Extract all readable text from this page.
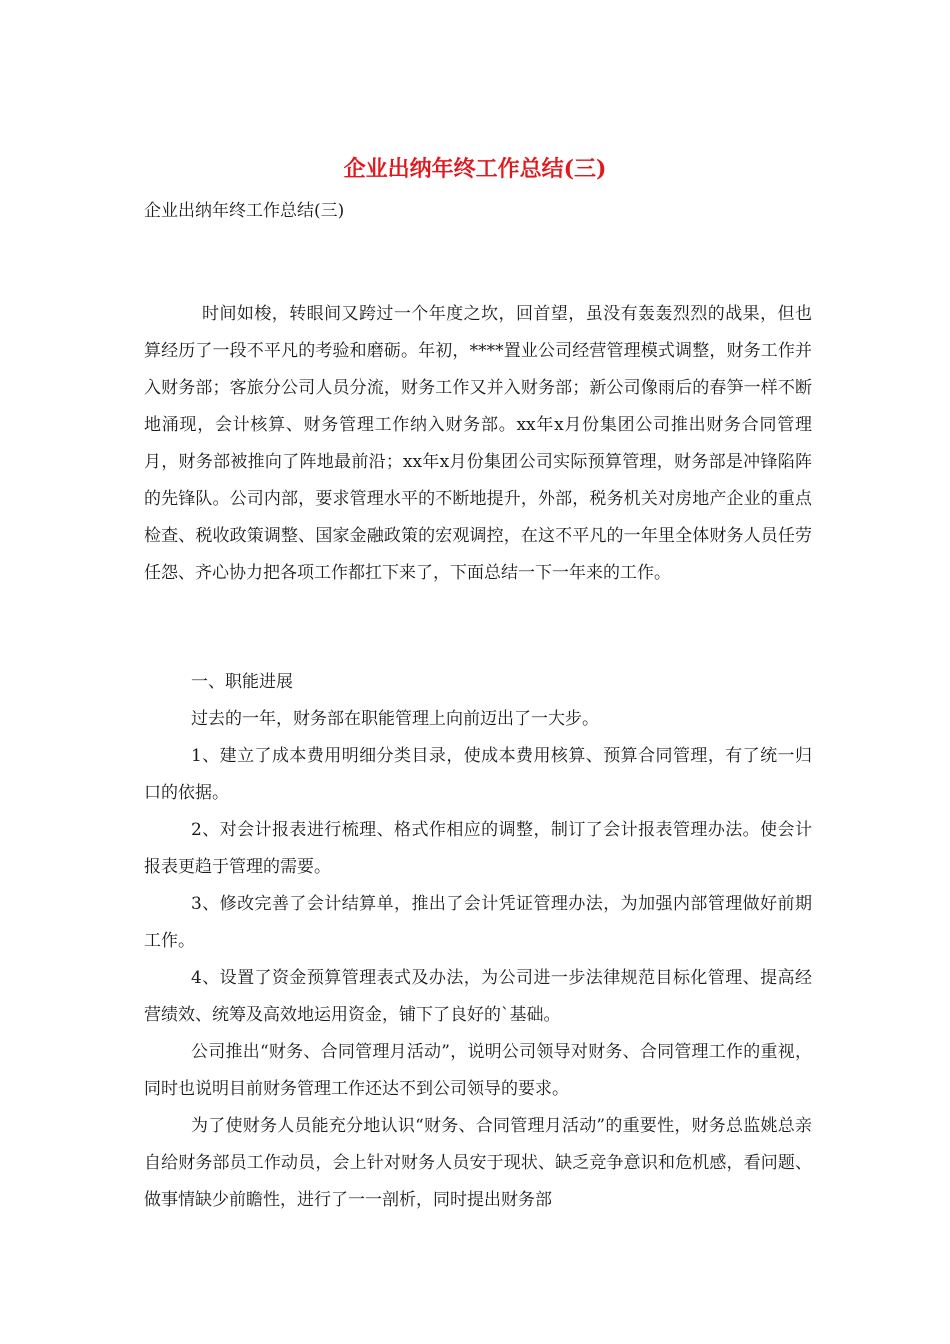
企业出纳年终工作总结(三)

企业出纳年终工作总结(三)

时间如梭，转眼间又跨过一个年度之坎，回首望，虽没有轰轰烈烈的战果，但也算经历了一段不平凡的考验和磨砺。年初，****置业公司经营管理模式调整，财务工作并入财务部；客旅分公司人员分流，财务工作又并入财务部；新公司像雨后的春笋一样不断地涌现，会计核算、财务管理工作纳入财务部。xx年x月份集团公司推出财务合同管理月，财务部被推向了阵地最前沿；xx年x月份集团公司实际预算管理，财务部是冲锋陷阵的先锋队。公司内部，要求管理水平的不断地提升，外部，税务机关对房地产企业的重点检查、税收政策调整、国家金融政策的宏观调控，在这不平凡的一年里全体财务人员任劳任怨、齐心协力把各项工作都扛下来了，下面总结一下一年来的工作。

一、职能进展

过去的一年，财务部在职能管理上向前迈出了一大步。

1、建立了成本费用明细分类目录，使成本费用核算、预算合同管理，有了统一归口的依据。

2、对会计报表进行梳理、格式作相应的调整，制订了会计报表管理办法。使会计报表更趋于管理的需要。

3、修改完善了会计结算单，推出了会计凭证管理办法，为加强内部管理做好前期工作。

4、设置了资金预算管理表式及办法，为公司进一步法律规范目标化管理、提高经营绩效、统筹及高效地运用资金，铺下了良好的`基础。

公司推出“财务、合同管理月活动”，说明公司领导对财务、合同管理工作的重视，同时也说明目前财务管理工作还达不到公司领导的要求。

为了使财务人员能充分地认识“财务、合同管理月活动”的重要性，财务总监姚总亲自给财务部员工作动员，会上针对财务人员安于现状、缺乏竞争意识和危机感，看问题、做事情缺少前瞻性，进行了一一剖析，同时提出财务部
